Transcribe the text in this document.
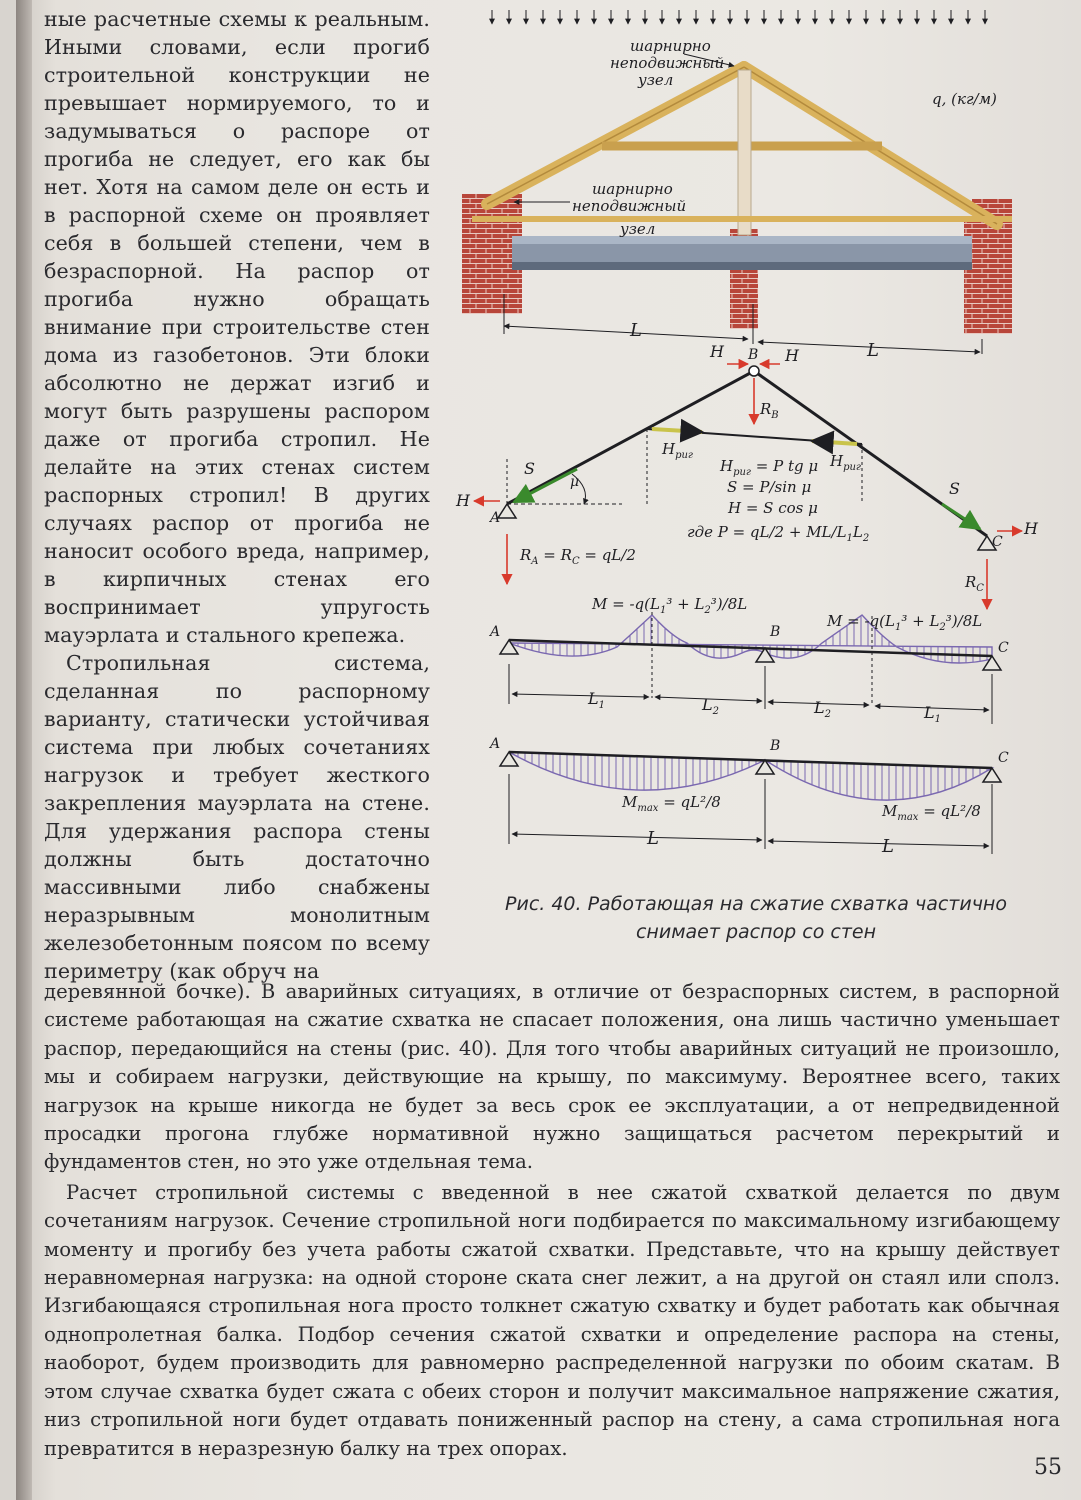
ные расчетные схемы к реальным. Иными словами, если прогиб строительной конструкции не превышает нормируемого, то и задумываться о распоре от прогиба не следует, его как бы нет. Хотя на самом деле он есть и в распорной схеме он проявляет себя в большей степени, чем в безраспорной. На распор от прогиба нужно обращать внимание при строительстве стен дома из газобетонов. Эти блоки абсолютно не держат изгиб и могут быть разрушены распором даже от прогиба стропил. Не делайте на этих стенах систем распорных стропил! В других случаях распор от прогиба не наносит особого вреда, например, в кирпичных стенах его воспринимает упругость мауэрлата и стального крепежа.

Стропильная система, сделанная по распорному варианту, статически устойчивая система при любых сочетаниях нагрузок и требует жесткого закрепления мауэрлата на стене. Для удержания распора стены должны быть достаточно массивными либо снабжены неразрывным монолитным железобетонным поясом по всему периметру (как обруч на

шарнирно
неподвижный
узел
q, (кг/м)
шарнирно
неподвижный
узел
L
L
H B H
$R_B$
$H_{риг}$	$H_{риг}$
S
S
μ
$H_{риг} = P$ tg μ
S = P/sin μ
H = S cos μ
где $P = qL/2 + ML/L_1L_2$
H
H
A
C
$R_A = R_C = qL/2$
$R_C$
$M = -q(L_1^3 + L_2^3)/8L$
$M = -q(L_1^3 + L_2^3)/8L$
A	B
C
$L_1$	$L_2$	$L_2$	$L_1$
A	B
C
$M_{max} = qL^2/8$	$M_{max} = qL^2/8$
L	L
Рис. 40. Работающая на сжатие схватка частично
снимает распор со стен

деревянной бочке). В аварийных ситуациях, в отличие от безраспорных систем, в распорной системе работающая на сжатие схватка не спасает положения, она лишь частично уменьшает распор, передающийся на стены (рис. 40). Для того чтобы аварийных ситуаций не произошло, мы и собираем нагрузки, действующие на крышу, по максимуму. Вероятнее всего, таких нагрузок на крыше никогда не будет за весь срок ее эксплуатации, а от непредвиденной просадки прогона глубже нормативной нужно защищаться расчетом перекрытий и фундаментов стен, но это уже отдельная тема.

Расчет стропильной системы с введенной в нее сжатой схваткой делается по двум сочетаниям нагрузок. Сечение стропильной ноги подбирается по максимальному изгибающему моменту и прогибу без учета работы сжатой схватки. Представьте, что на крышу действует неравномерная нагрузка: на одной стороне ската снег лежит, а на другой он стаял или сполз. Изгибающаяся стропильная нога просто толкнет сжатую схватку и будет работать как обычная однопролетная балка. Подбор сечения сжатой схватки и определение распора на стены, наоборот, будем производить для равномерно распределенной нагрузки по обоим скатам. В этом случае схватка будет сжата с обеих сторон и получит максимальное напряжение сжатия, низ стропильной ноги будет отдавать пониженный распор на стену, а сама стропильная нога превратится в неразрезную балку на трех опорах.

55
